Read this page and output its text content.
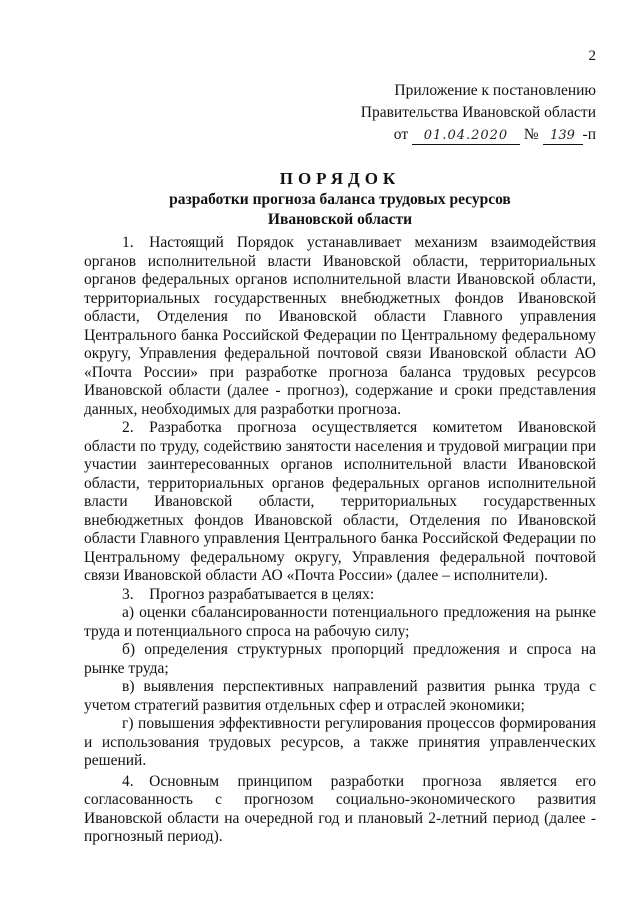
2
Приложение к постановлению
Правительства Ивановской области
от 01.04.2020 № 139 -п
ПОРЯДОК
разработки прогноза баланса трудовых ресурсов
Ивановской области

1. Настоящий Порядок устанавливает механизм взаимодействия органов исполнительной власти Ивановской области, территориальных органов федеральных органов исполнительной власти Ивановской области, территориальных государственных внебюджетных фондов Ивановской области, Отделения по Ивановской области Главного управления Центрального банка Российской Федерации по Центральному федеральному округу, Управления федеральной почтовой связи Ивановской области АО «Почта России» при разработке прогноза баланса трудовых ресурсов Ивановской области (далее - прогноз), содержание и сроки представления данных, необходимых для разработки прогноза.

2. Разработка прогноза осуществляется комитетом Ивановской области по труду, содействию занятости населения и трудовой миграции при участии заинтересованных органов исполнительной власти Ивановской области, территориальных органов федеральных органов исполнительной власти Ивановской области, территориальных государственных внебюджетных фондов Ивановской области, Отделения по Ивановской области Главного управления Центрального банка Российской Федерации по Центральному федеральному округу, Управления федеральной почтовой связи Ивановской области АО «Почта России» (далее – исполнители).

3. Прогноз разрабатывается в целях:

а) оценки сбалансированности потенциального предложения на рынке труда и потенциального спроса на рабочую силу;

б) определения структурных пропорций предложения и спроса на рынке труда;

в) выявления перспективных направлений развития рынка труда с учетом стратегий развития отдельных сфер и отраслей экономики;

г) повышения эффективности регулирования процессов формирования и использования трудовых ресурсов, а также принятия управленческих решений.

4. Основным принципом разработки прогноза является его согласованность с прогнозом социально-экономического развития Ивановской области на очередной год и плановый 2-летний период (далее - прогнозный период).
